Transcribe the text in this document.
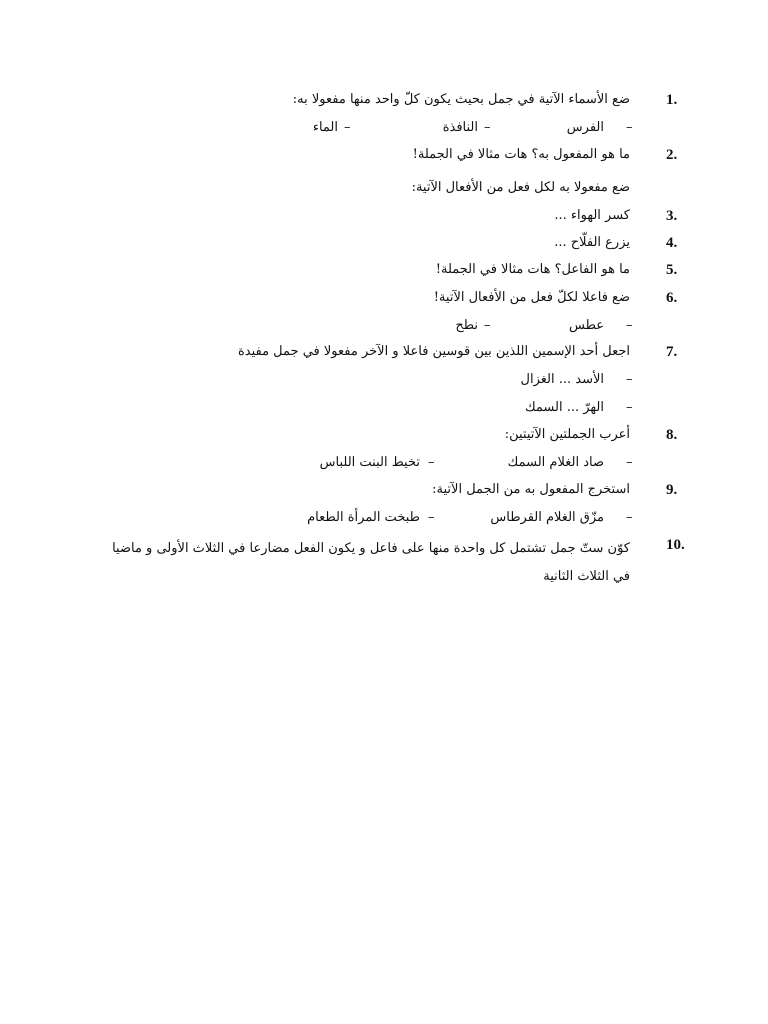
1.
ضع الأسماء الآتية في جمل بحيث يكون كلّ واحد منها مفعولا به:
–
الفرس
–
النافذة
–
الماء
2.
ما هو المفعول به؟ هات مثالا في الجملة!
ضع مفعولا به لكل فعل من الأفعال الآتية:
3.
كسر الهواء ...
4.
يزرع الفلّاح ...
5.
ما هو الفاعل؟ هات مثالا في الجملة!
6.
ضع فاعلا لكلّ فعل من الأفعال الآتية!
–
عطس
–
نطح
7.
اجعل أحد الإسمين اللذين بين قوسين فاعلا و الآخر مفعولا في جمل مفيدة
–
الأسد ... الغزال
–
الهرّ ... السمك
8.
أعرب الجملتين الآتيتين:
–
صاد الغلام السمك
–
تخيط البنت اللباس
9.
استخرج المفعول به من الجمل الآتية:
–
مزّق الغلام القرطاس
–
طبخت المرأة الطعام
10.
كوّن ستّ جمل تشتمل كل واحدة منها على فاعل و يكون الفعل مضارعا في الثلاث الأولى و ماضيا في الثلاث الثانية
